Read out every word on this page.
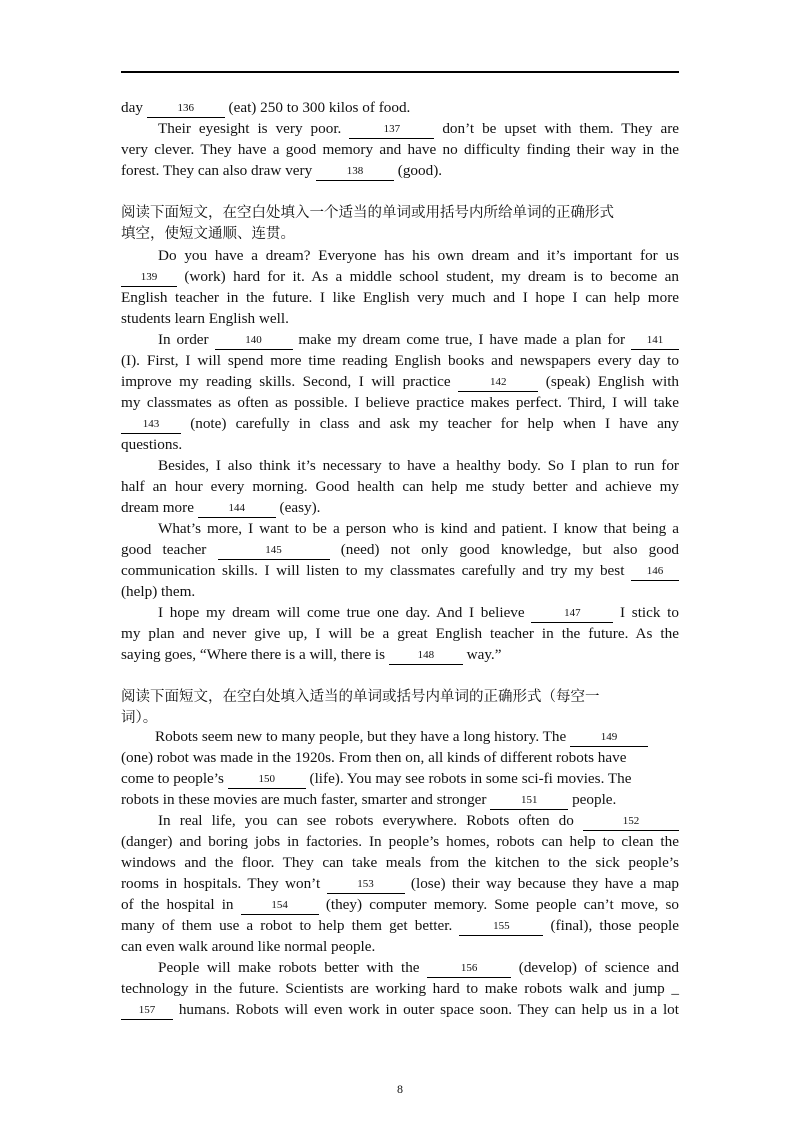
day	136 (eat) 250 to 300 kilos of food.
Their eyesight is very poor.	137	don’t be upset with them. They are
very clever. They have a good memory and have no difficulty finding their way in the
forest. They can also draw very	138 (good).
阅读下面短文，在空白处填入一个适当的单词或用括号内所给单词的正确形式
填空，使短文通顺、连贯。
Do you have a dream? Everyone has his own dream and it’s important for us
139 (work) hard for it. As a middle school student, my dream is to become an
English teacher in the future. I like English very much and I hope I can help more
students learn English well.
In order	140 make my dream come true, I have made a plan for 141
(I). First, I will spend more time reading English books and newspapers every day to
improve my reading skills. Second, I will practice	142	(speak) English with
my classmates as often as possible. I believe practice makes perfect. Third, I will take
143 (note) carefully in class and ask my teacher for help when I have any
questions.
Besides, I also think it’s necessary to have a healthy body. So I plan to run for
half an hour every morning. Good health can help me study better and achieve my
dream more	144 (easy).
What’s more, I want to be a person who is kind and patient. I know that being a
good teacher	145	(need) not only good knowledge, but also good
communication skills. I will listen to my classmates carefully and try my best 146
(help) them.
I hope my dream will come true one day. And I believe	147	I stick to
my plan and never give up, I will be a great English teacher in the future. As the
saying goes, “Where there is a will, there is	148 way.”
阅读下面短文，在空白处填入适当的单词或括号内单词的正确形式（每空一
词）。
Robots seem new to many people, but they have a long history. The	149
(one) robot was made in the 1920s. From then on, all kinds of different robots have
come to people’s	150 (life). You may see robots in some sci-fi movies. The
robots in these movies are much faster, smarter and stronger	151 people.
In real life, you can see robots everywhere. Robots often do	152
(danger) and boring jobs in factories. In people’s homes, robots can help to clean the
windows and the floor. They can take meals from the kitchen to the sick people’s
rooms in hospitals. They won’t	153 (lose) their way because they have a map
of the hospital in	154 (they) computer memory. Some people can’t move, so
many of them use a robot to help them get better.	155	(final), those people
can even walk around like normal people.
People will make robots better with the	156	(develop) of science and
technology in the future. Scientists are working hard to make robots walk and jump _
157 humans. Robots will even work in outer space soon. They can help us in a lot
8
